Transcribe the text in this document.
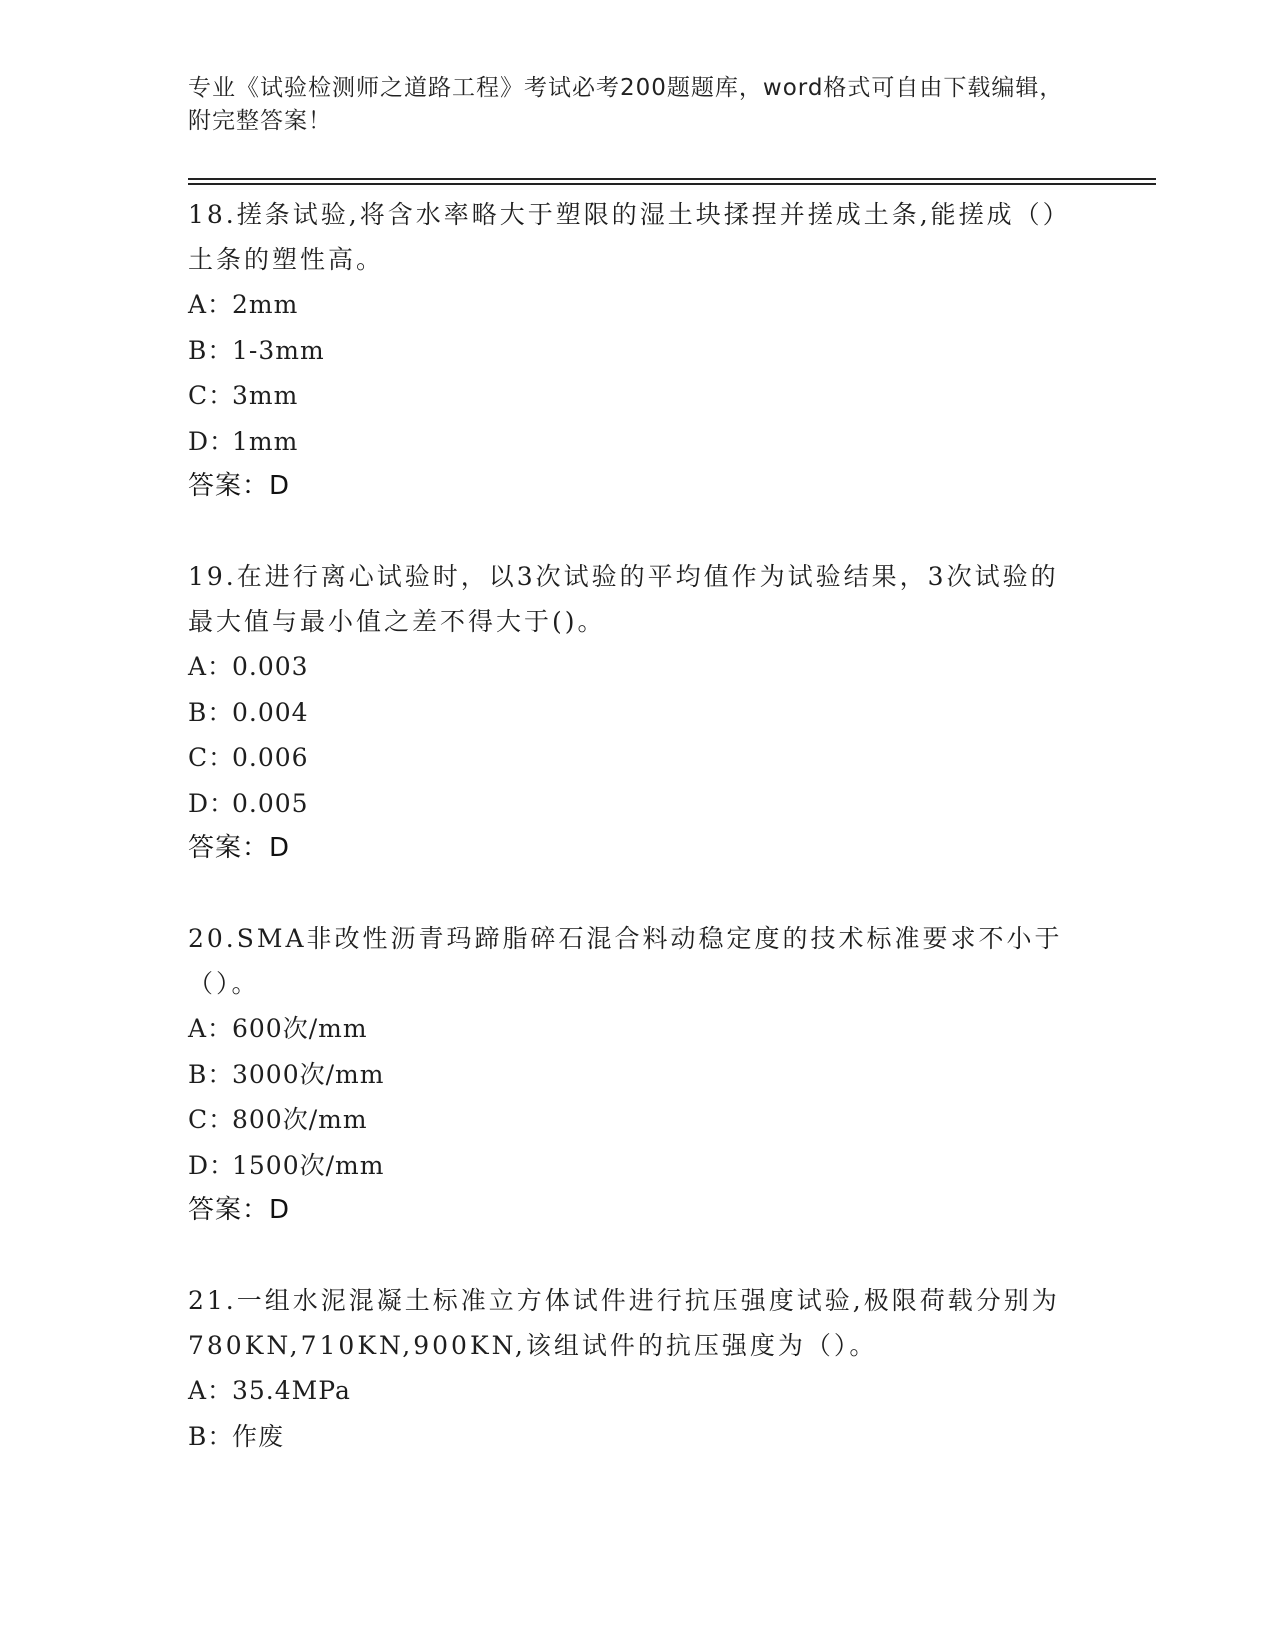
专业《试验检测师之道路工程》考试必考200题题库，word格式可自由下载编辑，附完整答案！

18.搓条试验,将含水率略大于塑限的湿土块揉捏并搓成土条,能搓成（）土条的塑性高。

A：2mm

B：1-3mm

C：3mm

D：1mm

答案：D

19.在进行离心试验时，以3次试验的平均值作为试验结果，3次试验的最大值与最小值之差不得大于()。

A：0.003

B：0.004

C：0.006

D：0.005

答案：D

20.SMA非改性沥青玛蹄脂碎石混合料动稳定度的技术标准要求不小于（）。

A：600次/mm

B：3000次/mm

C：800次/mm

D：1500次/mm

答案：D

21.一组水泥混凝土标准立方体试件进行抗压强度试验,极限荷载分别为780KN,710KN,900KN,该组试件的抗压强度为（）。

A：35.4MPa

B：作废
